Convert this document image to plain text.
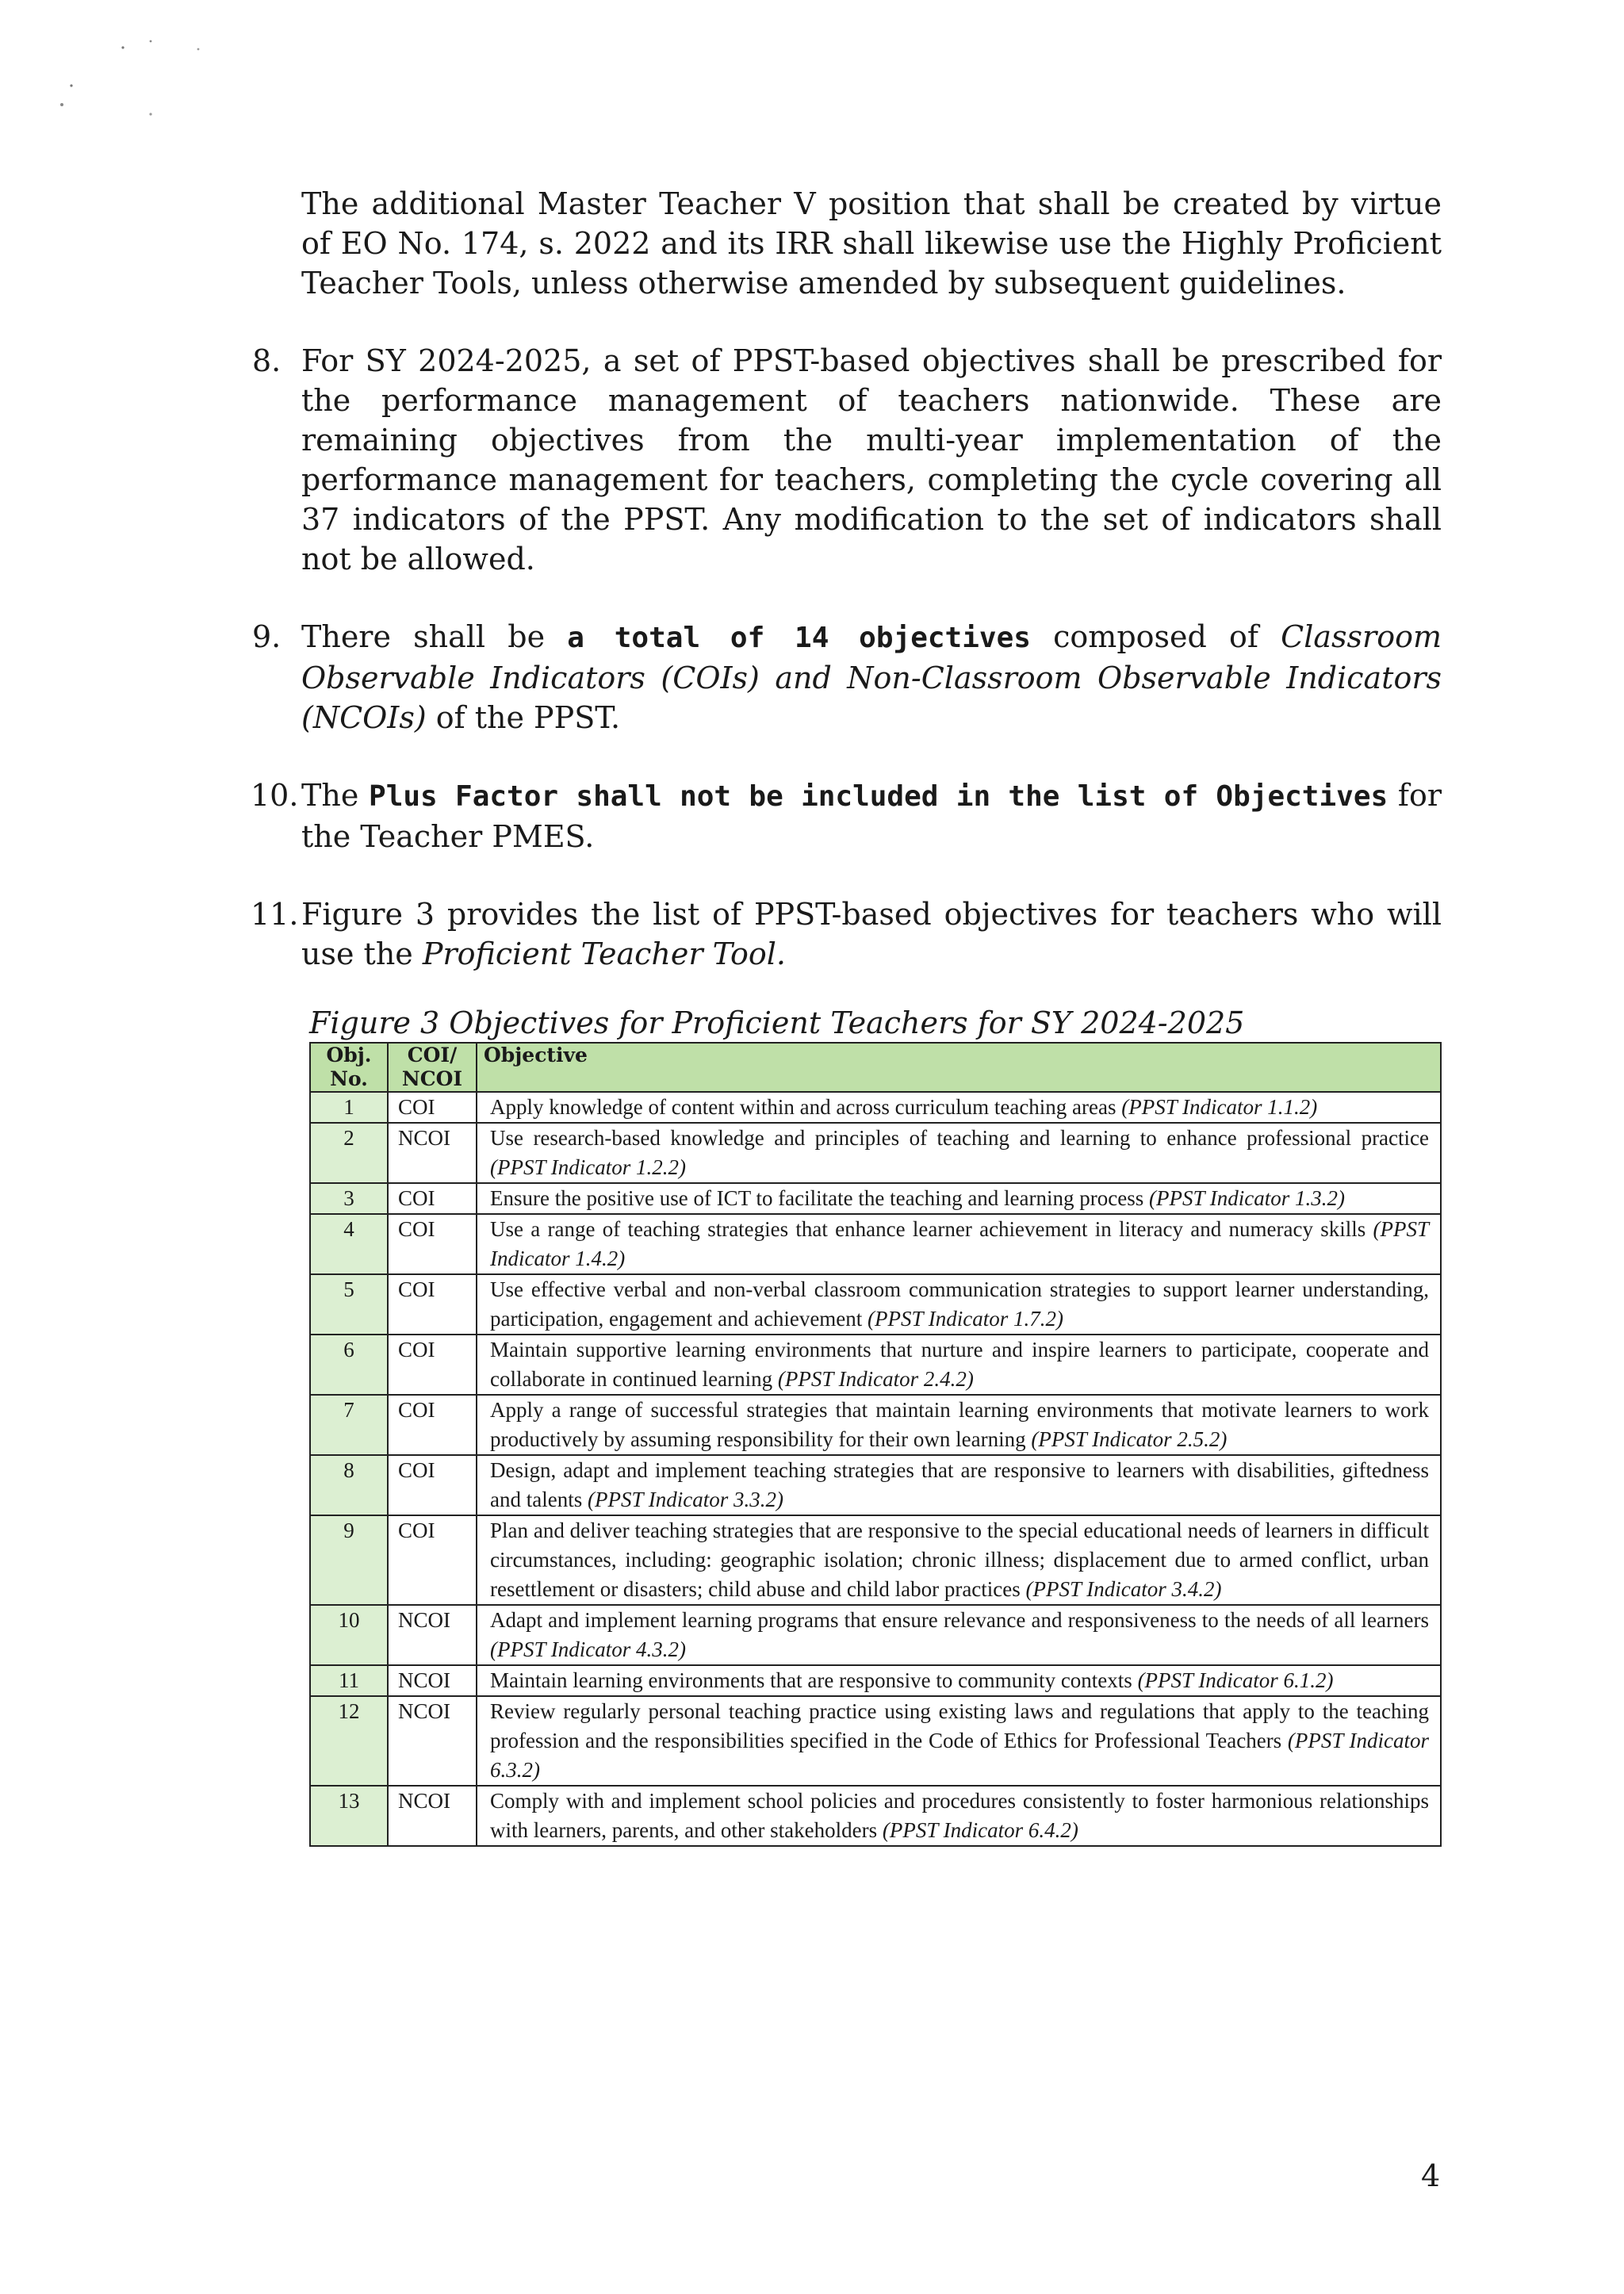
The additional Master Teacher V position that shall be created by virtue of EO No. 174, s. 2022 and its IRR shall likewise use the Highly Proficient Teacher Tools, unless otherwise amended by subsequent guidelines.

8. For SY 2024-2025, a set of PPST-based objectives shall be prescribed for the performance management of teachers nationwide. These are remaining objectives from the multi-year implementation of the performance management for teachers, completing the cycle covering all 37 indicators of the PPST. Any modification to the set of indicators shall not be allowed.

9. There shall be a total of 14 objectives composed of Classroom Observable Indicators (COIs) and Non-Classroom Observable Indicators (NCOIs) of the PPST.

10. The Plus Factor shall not be included in the list of Objectives for the Teacher PMES.

11. Figure 3 provides the list of PPST-based objectives for teachers who will use the Proficient Teacher Tool.

Figure 3 Objectives for Proficient Teachers for SY 2024-2025
Obj. No.	COI/ NCOI	Objective
1	COI	Apply knowledge of content within and across curriculum teaching areas (PPST Indicator 1.1.2)
2	NCOI	Use research-based knowledge and principles of teaching and learning to enhance professional practice (PPST Indicator 1.2.2)
3	COI	Ensure the positive use of ICT to facilitate the teaching and learning process (PPST Indicator 1.3.2)
4	COI	Use a range of teaching strategies that enhance learner achievement in literacy and numeracy skills (PPST Indicator 1.4.2)
5	COI	Use effective verbal and non-verbal classroom communication strategies to support learner understanding, participation, engagement and achievement (PPST Indicator 1.7.2)
6	COI	Maintain supportive learning environments that nurture and inspire learners to participate, cooperate and collaborate in continued learning (PPST Indicator 2.4.2)
7	COI	Apply a range of successful strategies that maintain learning environments that motivate learners to work productively by assuming responsibility for their own learning (PPST Indicator 2.5.2)
8	COI	Design, adapt and implement teaching strategies that are responsive to learners with disabilities, giftedness and talents (PPST Indicator 3.3.2)
9	COI	Plan and deliver teaching strategies that are responsive to the special educational needs of learners in difficult circumstances, including: geographic isolation; chronic illness; displacement due to armed conflict, urban resettlement or disasters; child abuse and child labor practices (PPST Indicator 3.4.2)
10	NCOI	Adapt and implement learning programs that ensure relevance and responsiveness to the needs of all learners (PPST Indicator 4.3.2)
11	NCOI	Maintain learning environments that are responsive to community contexts (PPST Indicator 6.1.2)
12	NCOI	Review regularly personal teaching practice using existing laws and regulations that apply to the teaching profession and the responsibilities specified in the Code of Ethics for Professional Teachers (PPST Indicator 6.3.2)
13	NCOI	Comply with and implement school policies and procedures consistently to foster harmonious relationships with learners, parents, and other stakeholders (PPST Indicator 6.4.2)
4
